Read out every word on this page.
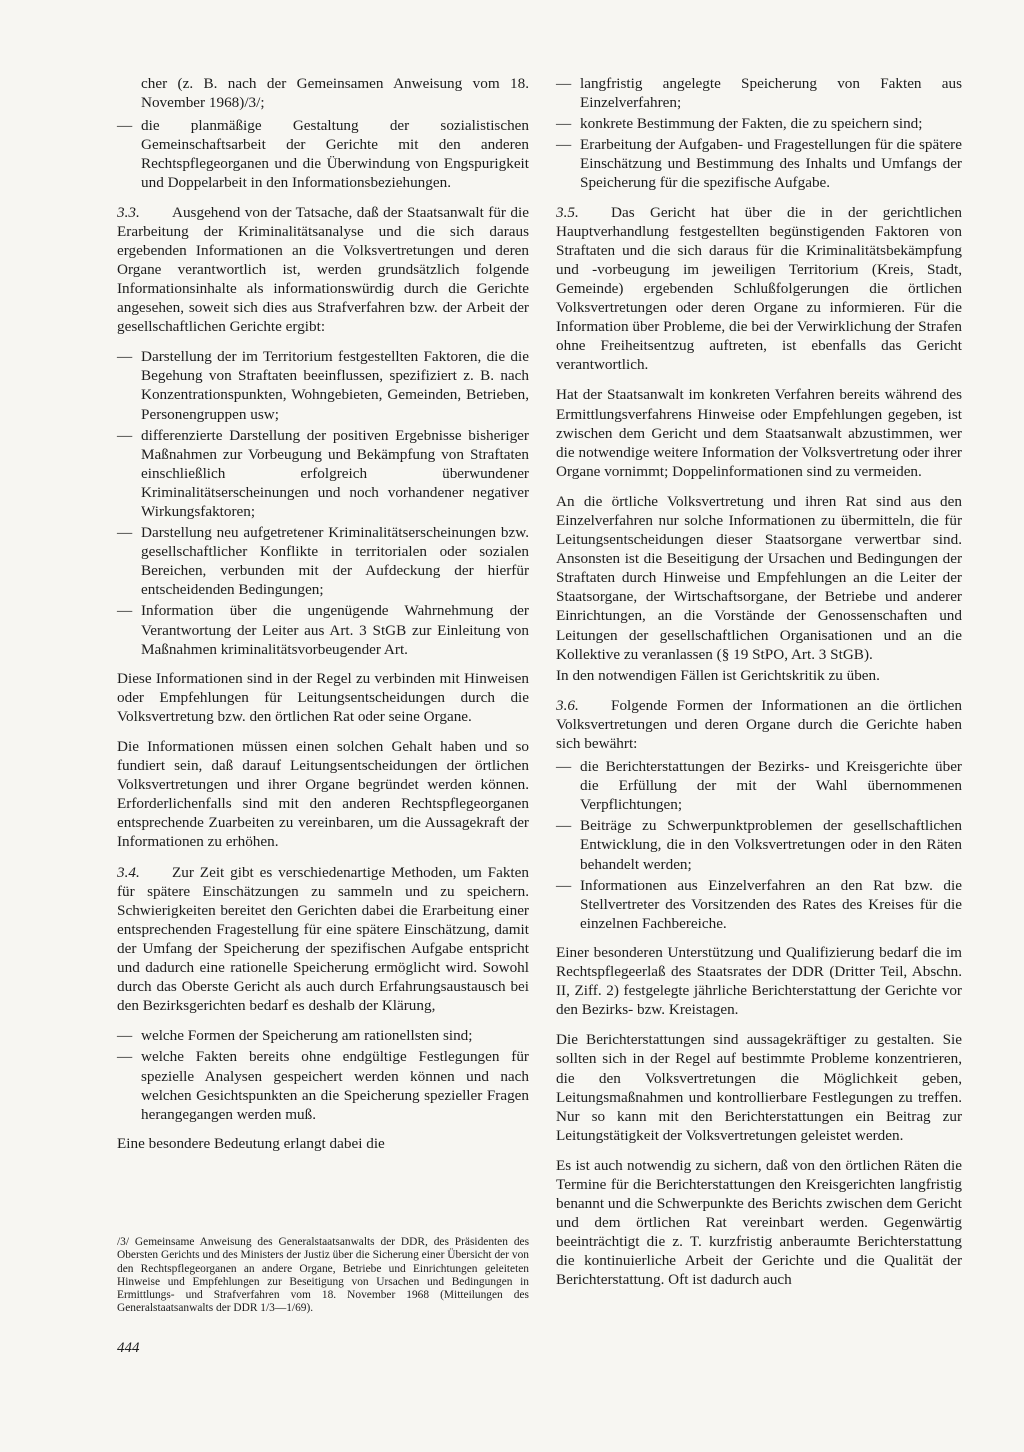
cher (z. B. nach der Gemeinsamen Anweisung vom 18. November 1968)/3/;

— die planmäßige Gestaltung der sozialistischen Gemeinschaftsarbeit der Gerichte mit den anderen Rechtspflegeorganen und die Überwindung von Engspurigkeit und Doppelarbeit in den Informationsbeziehungen.

3.3. Ausgehend von der Tatsache, daß der Staatsanwalt für die Erarbeitung der Kriminalitätsanalyse und die sich daraus ergebenden Informationen an die Volksvertretungen und deren Organe verantwortlich ist, werden grundsätzlich folgende Informationsinhalte als informationswürdig durch die Gerichte angesehen, soweit sich dies aus Strafverfahren bzw. der Arbeit der gesellschaftlichen Gerichte ergibt:

— Darstellung der im Territorium festgestellten Faktoren, die die Begehung von Straftaten beeinflussen, spezifiziert z. B. nach Konzentrationspunkten, Wohngebieten, Gemeinden, Betrieben, Personengruppen usw;
— differenzierte Darstellung der positiven Ergebnisse bisheriger Maßnahmen zur Vorbeugung und Bekämpfung von Straftaten einschließlich erfolgreich überwundener Kriminalitätserscheinungen und noch vorhandener negativer Wirkungsfaktoren;
— Darstellung neu aufgetretener Kriminalitätserscheinungen bzw. gesellschaftlicher Konflikte in territorialen oder sozialen Bereichen, verbunden mit der Aufdeckung der hierfür entscheidenden Bedingungen;
— Information über die ungenügende Wahrnehmung der Verantwortung der Leiter aus Art. 3 StGB zur Einleitung von Maßnahmen kriminalitätsvorbeugender Art.

Diese Informationen sind in der Regel zu verbinden mit Hinweisen oder Empfehlungen für Leitungsentscheidungen durch die Volksvertretung bzw. den örtlichen Rat oder seine Organe.

Die Informationen müssen einen solchen Gehalt haben und so fundiert sein, daß darauf Leitungsentscheidungen der örtlichen Volksvertretungen und ihrer Organe begründet werden können. Erforderlichenfalls sind mit den anderen Rechtspflegeorganen entsprechende Zuarbeiten zu vereinbaren, um die Aussagekraft der Informationen zu erhöhen.

3.4. Zur Zeit gibt es verschiedenartige Methoden, um Fakten für spätere Einschätzungen zu sammeln und zu speichern. Schwierigkeiten bereitet den Gerichten dabei die Erarbeitung einer entsprechenden Fragestellung für eine spätere Einschätzung, damit der Umfang der Speicherung der spezifischen Aufgabe entspricht und dadurch eine rationelle Speicherung ermöglicht wird. Sowohl durch das Oberste Gericht als auch durch Erfahrungsaustausch bei den Bezirksgerichten bedarf es deshalb der Klärung,

— welche Formen der Speicherung am rationellsten sind;
— welche Fakten bereits ohne endgültige Festlegungen für spezielle Analysen gespeichert werden können und nach welchen Gesichtspunkten an die Speicherung spezieller Fragen herangegangen werden muß.

Eine besondere Bedeutung erlangt dabei die

/3/ Gemeinsame Anweisung des Generalstaatsanwalts der DDR, des Präsidenten des Obersten Gerichts und des Ministers der Justiz über die Sicherung einer Übersicht der von den Rechtspflegeorganen an andere Organe, Betriebe und Einrichtungen geleiteten Hinweise und Empfehlungen zur Beseitigung von Ursachen und Bedingungen in Ermittlungs- und Strafverfahren vom 18. November 1968 (Mitteilungen des Generalstaatsanwalts der DDR 1/3—1/69).
444
— langfristig angelegte Speicherung von Fakten aus Einzelverfahren;
— konkrete Bestimmung der Fakten, die zu speichern sind;
— Erarbeitung der Aufgaben- und Fragestellungen für die spätere Einschätzung und Bestimmung des Inhalts und Umfangs der Speicherung für die spezifische Aufgabe.

3.5. Das Gericht hat über die in der gerichtlichen Hauptverhandlung festgestellten begünstigenden Faktoren von Straftaten und die sich daraus für die Kriminalitätsbekämpfung und -vorbeugung im jeweiligen Territorium (Kreis, Stadt, Gemeinde) ergebenden Schlußfolgerungen die örtlichen Volksvertretungen oder deren Organe zu informieren. Für die Information über Probleme, die bei der Verwirklichung der Strafen ohne Freiheitsentzug auftreten, ist ebenfalls das Gericht verantwortlich.

Hat der Staatsanwalt im konkreten Verfahren bereits während des Ermittlungsverfahrens Hinweise oder Empfehlungen gegeben, ist zwischen dem Gericht und dem Staatsanwalt abzustimmen, wer die notwendige weitere Information der Volksvertretung oder ihrer Organe vornimmt; Doppelinformationen sind zu vermeiden.

An die örtliche Volksvertretung und ihren Rat sind aus den Einzelverfahren nur solche Informationen zu übermitteln, die für Leitungsentscheidungen dieser Staatsorgane verwertbar sind. Ansonsten ist die Beseitigung der Ursachen und Bedingungen der Straftaten durch Hinweise und Empfehlungen an die Leiter der Staatsorgane, der Wirtschaftsorgane, der Betriebe und anderer Einrichtungen, an die Vorstände der Genossenschaften und Leitungen der gesellschaftlichen Organisationen und an die Kollektive zu veranlassen (§ 19 StPO, Art. 3 StGB).

In den notwendigen Fällen ist Gerichtskritik zu üben.

3.6. Folgende Formen der Informationen an die örtlichen Volksvertretungen und deren Organe durch die Gerichte haben sich bewährt:

— die Berichterstattungen der Bezirks- und Kreisgerichte über die Erfüllung der mit der Wahl übernommenen Verpflichtungen;
— Beiträge zu Schwerpunktproblemen der gesellschaftlichen Entwicklung, die in den Volksvertretungen oder in den Räten behandelt werden;
— Informationen aus Einzelverfahren an den Rat bzw. die Stellvertreter des Vorsitzenden des Rates des Kreises für die einzelnen Fachbereiche.

Einer besonderen Unterstützung und Qualifizierung bedarf die im Rechtspflegeerlaß des Staatsrates der DDR (Dritter Teil, Abschn. II, Ziff. 2) festgelegte jährliche Berichterstattung der Gerichte vor den Bezirks- bzw. Kreistagen.

Die Berichterstattungen sind aussagekräftiger zu gestalten. Sie sollten sich in der Regel auf bestimmte Probleme konzentrieren, die den Volksvertretungen die Möglichkeit geben, Leitungsmaßnahmen und kontrollierbare Festlegungen zu treffen. Nur so kann mit den Berichterstattungen ein Beitrag zur Leitungstätigkeit der Volksvertretungen geleistet werden.

Es ist auch notwendig zu sichern, daß von den örtlichen Räten die Termine für die Berichterstattungen den Kreisgerichten langfristig benannt und die Schwerpunkte des Berichts zwischen dem Gericht und dem örtlichen Rat vereinbart werden. Gegenwärtig beeinträchtigt die z. T. kurzfristig anberaumte Berichterstattung die kontinuierliche Arbeit der Gerichte und die Qualität der Berichterstattung. Oft ist dadurch auch
